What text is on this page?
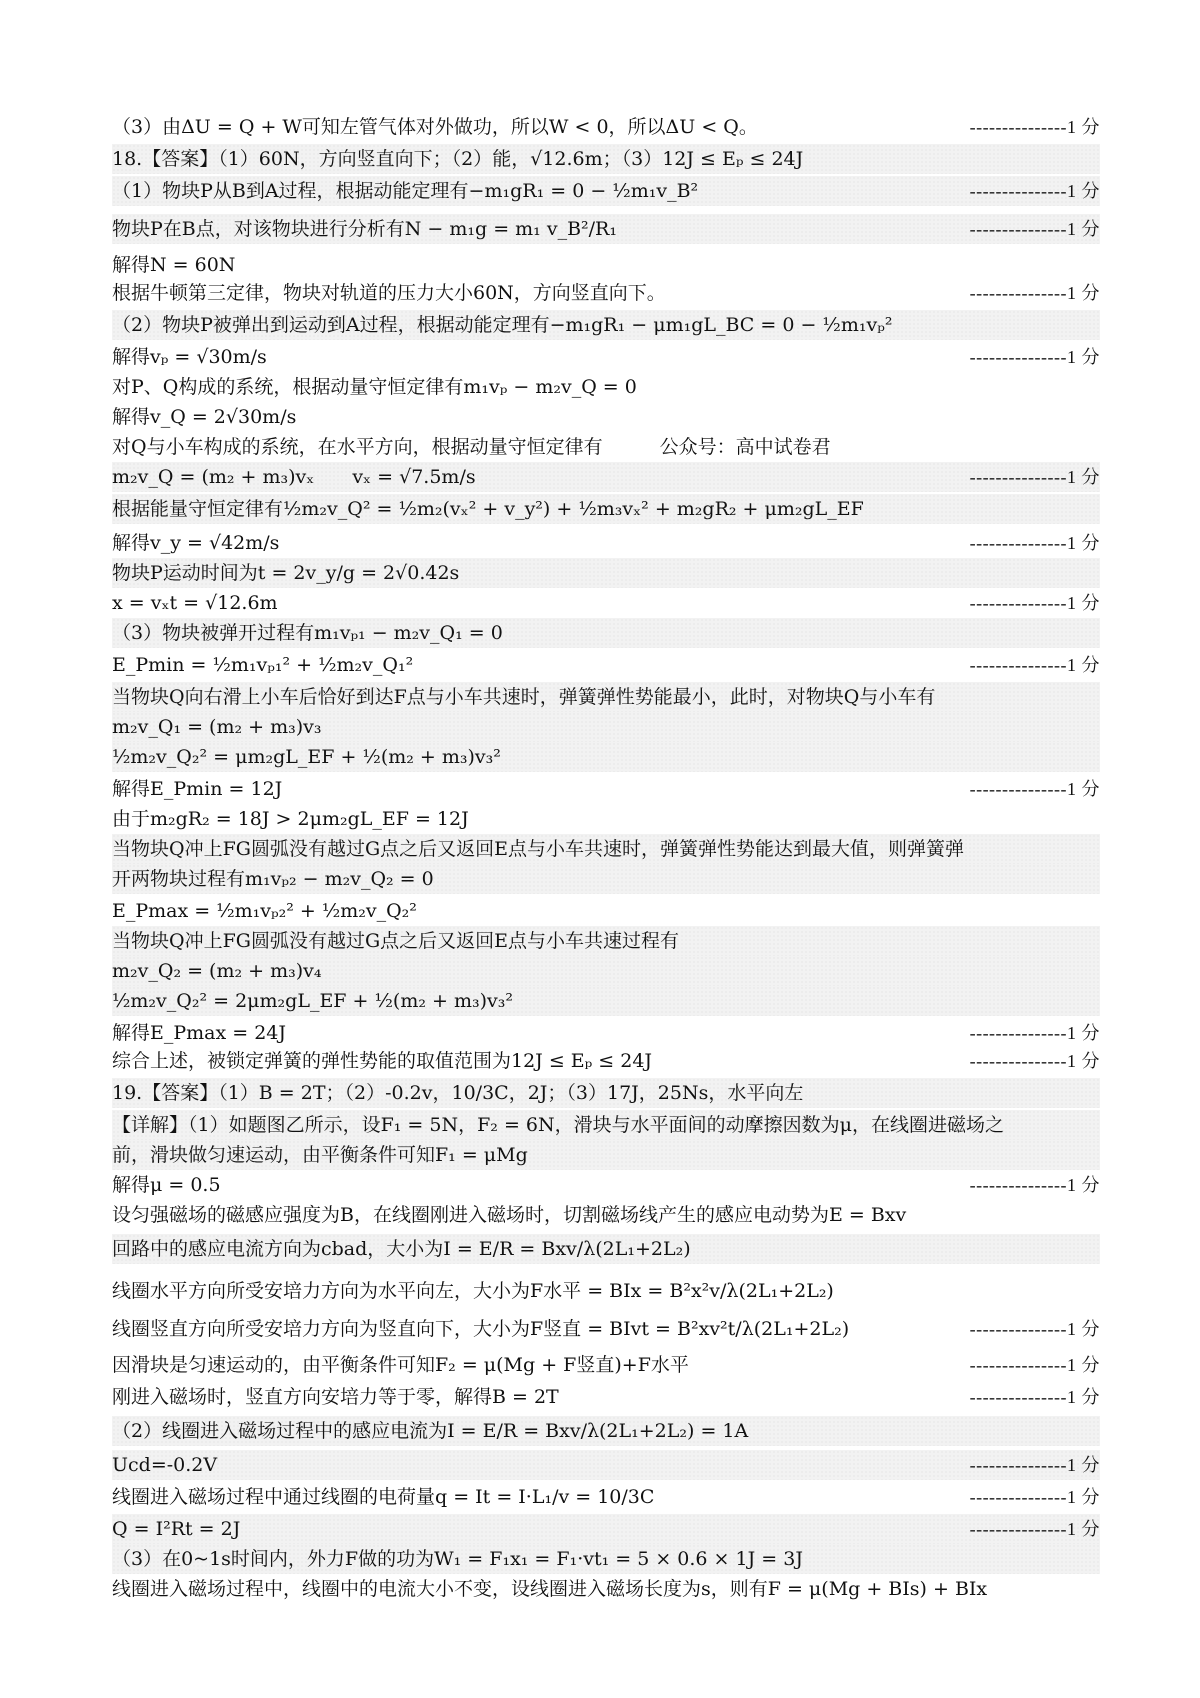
（3）由ΔU = Q + W可知左管气体对外做功，所以W < 0，所以ΔU < Q。	---------------1 分
18.【答案】（1）60N，方向竖直向下；（2）能，√12.6m；（3）12J ≤ Eₚ ≤ 24J
（1）物块P从B到A过程，根据动能定理有−m₁gR₁ = 0 − ½m₁v_B²	---------------1 分
物块P在B点，对该物块进行分析有N − m₁g = m₁ v_B²/R₁	---------------1 分
解得N = 60N
根据牛顿第三定律，物块对轨道的压力大小60N，方向竖直向下。	---------------1 分
（2）物块P被弹出到运动到A过程，根据动能定理有−m₁gR₁ − μm₁gL_BC = 0 − ½m₁vₚ²
解得vₚ = √30m/s	---------------1 分
对P、Q构成的系统，根据动量守恒定律有m₁vₚ − m₂v_Q = 0
解得v_Q = 2√30m/s
对Q与小车构成的系统，在水平方向，根据动量守恒定律有　　　公众号：高中试卷君
m₂v_Q = (m₂ + m₃)vₓ　　vₓ = √7.5m/s	---------------1 分
根据能量守恒定律有½m₂v_Q² = ½m₂(vₓ² + v_y²) + ½m₃vₓ² + m₂gR₂ + μm₂gL_EF
解得v_y = √42m/s	---------------1 分
物块P运动时间为t = 2v_y/g = 2√0.42s
x = vₓt = √12.6m	---------------1 分
（3）物块被弹开过程有m₁vₚ₁ − m₂v_Q₁ = 0
E_Pmin = ½m₁vₚ₁² + ½m₂v_Q₁²	---------------1 分
当物块Q向右滑上小车后恰好到达F点与小车共速时，弹簧弹性势能最小，此时，对物块Q与小车有
m₂v_Q₁ = (m₂ + m₃)v₃
½m₂v_Q₂² = μm₂gL_EF + ½(m₂ + m₃)v₃²
解得E_Pmin = 12J	---------------1 分
由于m₂gR₂ = 18J > 2μm₂gL_EF = 12J
当物块Q冲上FG圆弧没有越过G点之后又返回E点与小车共速时，弹簧弹性势能达到最大值，则弹簧弹
开两物块过程有m₁vₚ₂ − m₂v_Q₂ = 0
E_Pmax = ½m₁vₚ₂² + ½m₂v_Q₂²
当物块Q冲上FG圆弧没有越过G点之后又返回E点与小车共速过程有
m₂v_Q₂ = (m₂ + m₃)v₄
½m₂v_Q₂² = 2μm₂gL_EF + ½(m₂ + m₃)v₃²
解得E_Pmax = 24J	---------------1 分
综合上述，被锁定弹簧的弹性势能的取值范围为12J ≤ Eₚ ≤ 24J	---------------1 分
19.【答案】（1）B = 2T；（2）-0.2v，10/3C，2J；（3）17J，25Ns，水平向左
【详解】（1）如题图乙所示，设F₁ = 5N，F₂ = 6N，滑块与水平面间的动摩擦因数为μ，在线圈进磁场之
前，滑块做匀速运动，由平衡条件可知F₁ = μMg
解得μ = 0.5	---------------1 分
设匀强磁场的磁感应强度为B，在线圈刚进入磁场时，切割磁场线产生的感应电动势为E = Bxv
回路中的感应电流方向为cbad，大小为I = E/R = Bxv/λ(2L₁+2L₂)
线圈水平方向所受安培力方向为水平向左，大小为F水平 = BIx = B²x²v/λ(2L₁+2L₂)
线圈竖直方向所受安培力方向为竖直向下，大小为F竖直 = BIvt = B²xv²t/λ(2L₁+2L₂)	---------------1 分
因滑块是匀速运动的，由平衡条件可知F₂ = μ(Mg + F竖直)+F水平	---------------1 分
刚进入磁场时，竖直方向安培力等于零，解得B = 2T	---------------1 分
（2）线圈进入磁场过程中的感应电流为I = E/R = Bxv/λ(2L₁+2L₂) = 1A
Ucd=-0.2V	---------------1 分
线圈进入磁场过程中通过线圈的电荷量q = It = I·L₁/v = 10/3C	---------------1 分
Q = I²Rt = 2J	---------------1 分
（3）在0~1s时间内，外力F做的功为W₁ = F₁x₁ = F₁·vt₁ = 5 × 0.6 × 1J = 3J
线圈进入磁场过程中，线圈中的电流大小不变，设线圈进入磁场长度为s，则有F = μ(Mg + BIs) + BIx
